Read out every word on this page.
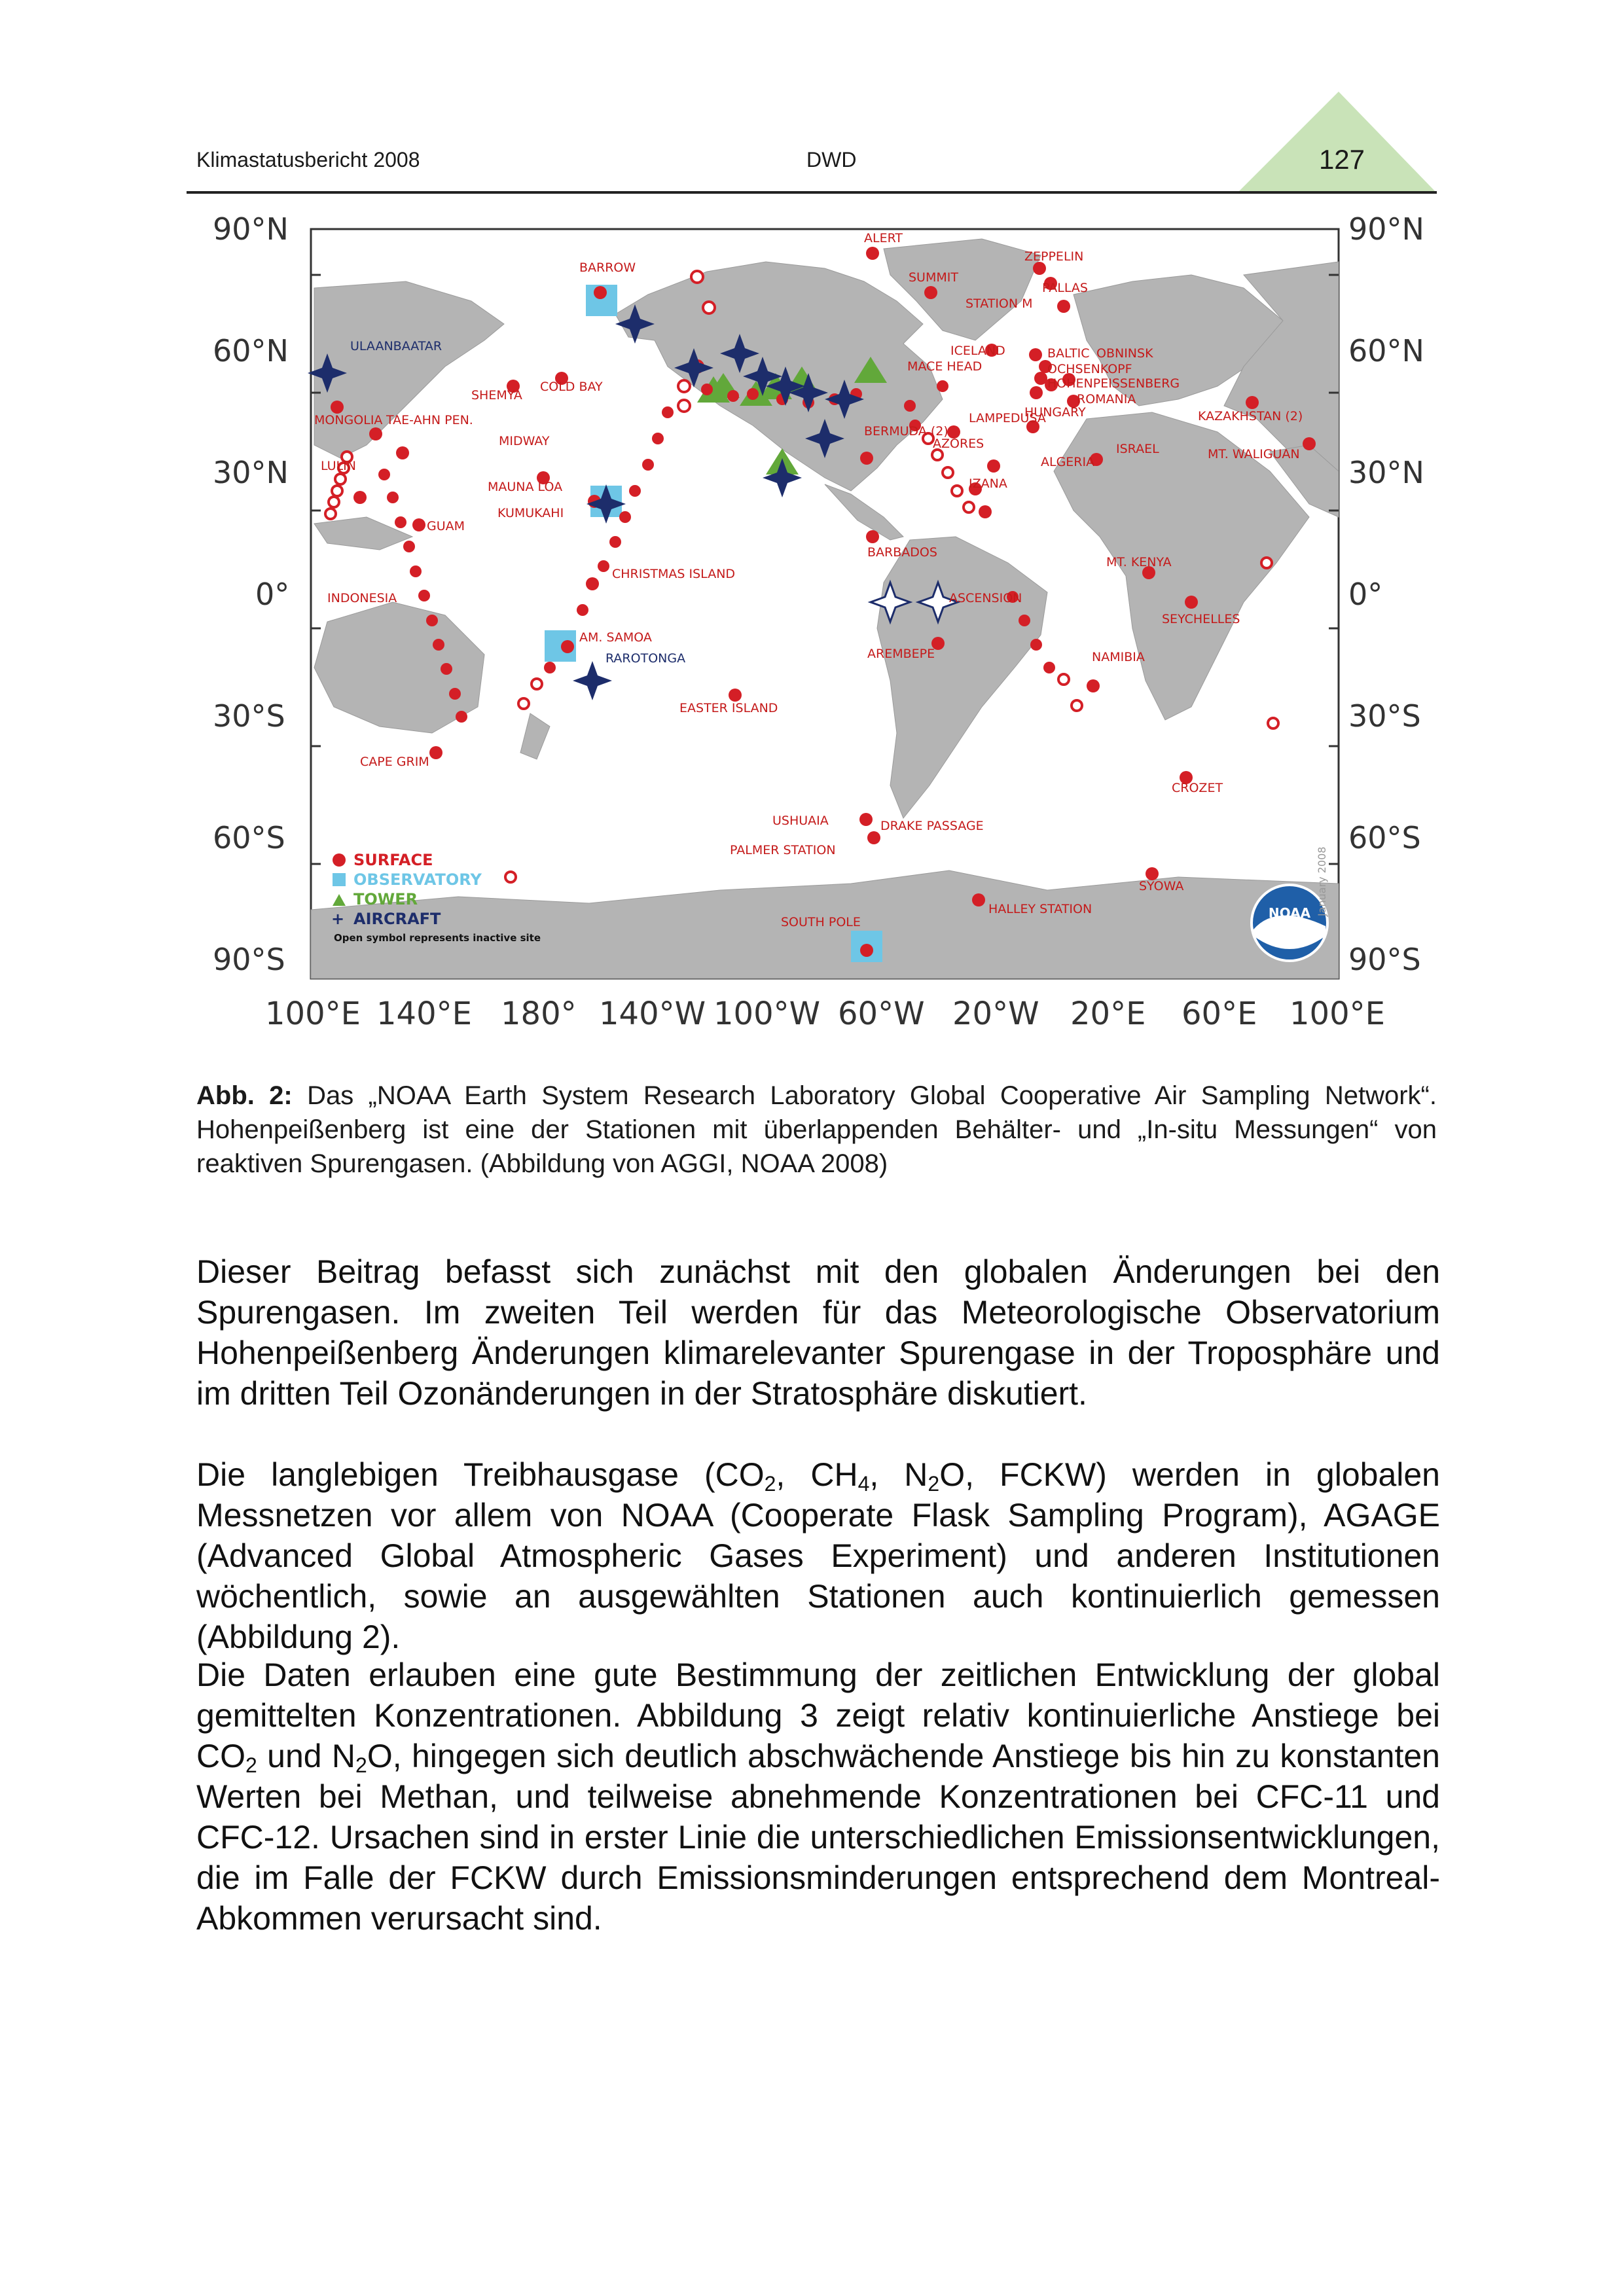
Klimastatusbericht 2008	DWD	127
90°N
60°N
30°N
0°
30°S
60°S
90°S
90°N
60°N
30°N
0°
30°S
60°S
90°S
100°E 140°E 180° 140°W 100°W 60°W 20°W 20°E 60°E 100°E
ALERT
ZEPPELIN
PALLAS
SUMMIT
STATION M
BARROW
ICELAND
MACE HEAD
BALTIC OBNINSK
OCHSENKOPF
HOHENPEISSENBERG
HUNGARY
ROMANIA
KAZAKHSTAN (2)
LAMPEDUSA
AZORES
BERMUDA (2)
ALGERIA
ISRAEL	MT. WALIGUAN
IZANA
ULAANBAATAR
SHEMYA
COLD BAY
MONGOLIA TAE-AHN PEN.
MIDWAY
LULIN
MAUNA LOA
KUMUKAHI
GUAM
BARBADOS
MT. KENYA
CHRISTMAS ISLAND
INDONESIA	ASCENSION
SEYCHELLES
AM. SAMOA
RAROTONGA	AREMBEPE	NAMIBIA
EASTER ISLAND
CAPE GRIM
CROZET
USHUAIA	DRAKE PASSAGE
PALMER STATION
SYOWA
HALLEY STATION
SOUTH POLE
SURFACE
OBSERVATORY
TOWER
+ AIRCRAFT
Open symbol represents inactive site
NOAA January 2008
Abb. 2: Das „NOAA Earth System Research Laboratory Global Cooperative Air Sampling Network“. Hohenpeißenberg ist eine der Stationen mit überlappenden Behälter- und „In-situ Messungen“ von reaktiven Spurengasen. (Abbildung von AGGI, NOAA 2008)
Dieser Beitrag befasst sich zunächst mit den globalen Änderungen bei den Spurengasen. Im zweiten Teil werden für das Meteorologische Observatorium Hohenpeißenberg Änderungen klimarelevanter Spurengase in der Troposphäre und im dritten Teil Ozonänderungen in der Stratosphäre diskutiert.
Die langlebigen Treibhausgase ($CO_2$, $CH_4$, $N_2O$, FCKW) werden in globalen Messnetzen vor allem von NOAA (Cooperate Flask Sampling Program), AGAGE (Advanced Global Atmospheric Gases Experiment) und anderen Institutionen wöchentlich, sowie an ausgewählten Stationen auch kontinuierlich gemessen (Abbildung 2).
Die Daten erlauben eine gute Bestimmung der zeitlichen Entwicklung der global gemittelten Konzentrationen. Abbildung 3 zeigt relativ kontinuierliche Anstiege bei $CO_2$ und $N_2O$, hingegen sich deutlich abschwächende Anstiege bis hin zu konstanten Werten bei Methan, und teilweise abnehmende Konzentrationen bei CFC-11 und CFC-12. Ursachen sind in erster Linie die unterschiedlichen Emissionsentwicklungen, die im Falle der FCKW durch Emissionsminderungen entsprechend dem Montreal-Abkommen verursacht sind.
